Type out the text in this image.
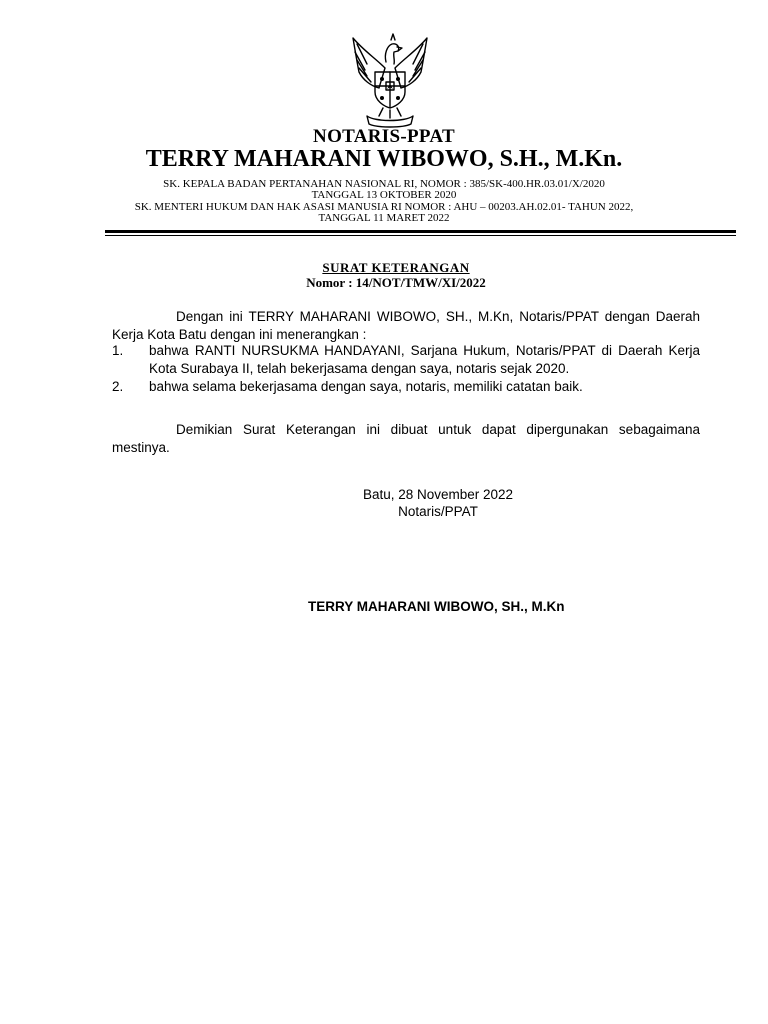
NOTARIS-PPAT
TERRY MAHARANI WIBOWO, S.H., M.Kn.
SK. KEPALA BADAN PERTANAHAN NASIONAL RI, NOMOR : 385/SK-400.HR.03.01/X/2020
TANGGAL 13 OKTOBER 2020
SK. MENTERI HUKUM DAN HAK ASASI MANUSIA RI NOMOR : AHU – 00203.AH.02.01- TAHUN 2022,
TANGGAL 11 MARET 2022
SURAT KETERANGAN
Nomor : 14/NOT/TMW/XI/2022
Dengan ini TERRY MAHARANI WIBOWO, SH., M.Kn, Notaris/PPAT dengan Daerah Kerja Kota Batu dengan ini menerangkan :
1.	bahwa RANTI NURSUKMA HANDAYANI, Sarjana Hukum, Notaris/PPAT di Daerah Kerja Kota Surabaya II, telah bekerjasama dengan saya, notaris sejak 2020.
2.	bahwa selama bekerjasama dengan saya, notaris, memiliki catatan baik.
Demikian Surat Keterangan ini dibuat untuk dapat dipergunakan sebagaimana mestinya.
Batu, 28 November 2022
Notaris/PPAT
TERRY MAHARANI WIBOWO, SH., M.Kn
